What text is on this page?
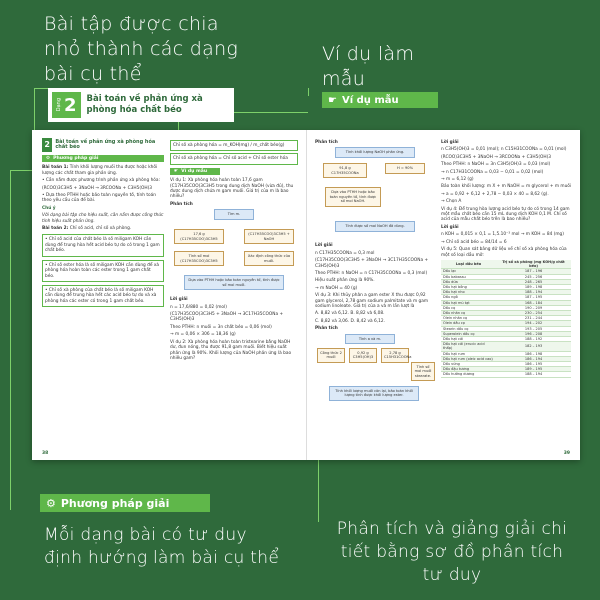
Bài tập được chia nhỏ thành các dạng bài cụ thể
Ví dụ làm mẫu
Mỗi dạng bài có tư duy định hướng làm bài cụ thể
Phân tích và giảng giải chi tiết bằng sơ đồ phân tích tư duy
2	Bài toán về phản ứng xà phòng hóa chất béo
⚙ Phương pháp giải
Bài toán 1: Tính khối lượng muối thu được hoặc khối lượng các chất tham gia phản ứng.
• Cần nắm được phương trình phản ứng xà phòng hóa:
(RCOO)3C3H5 + 3NaOH → 3RCOONa + C3H5(OH)3
• Dựa theo PTHH hoặc bảo toàn nguyên tố, tính toán theo yêu cầu của đề bài.
Chú ý
Với dạng bài tập cho hiệu suất, cần nắm được công thức tính hiệu suất phản ứng.
Bài toán 2: Chỉ số acid, chỉ số xà phòng.
• Chỉ số acid của chất béo là số miligam KOH cần dùng để trung hòa hết acid béo tự do có trong 1 gam chất béo.
• Chỉ số ester hóa là số miligam KOH cần dùng để xà phòng hóa hoàn toàn các ester trong 1 gam chất béo.
• Chỉ số xà phòng của chất béo là số miligam KOH cần dùng để trung hòa hết các acid béo tự do và xà phòng hóa các ester có trong 1 gam chất béo.
Chỉ số xà phòng hóa = m_KOH(mg) / m_chất béo(g)
Chỉ số xà phòng hóa = Chỉ số acid + Chỉ số ester hóa
☛ Ví dụ mẫu
Ví dụ 1: Xà phòng hóa hoàn toàn 17,6 gam (C17H35COO)3C3H5 trong dung dịch NaOH (vừa đủ), thu được dung dịch chứa m gam muối. Giá trị của m là bao nhiêu?
Phân tích
Tìm m.
17,6 g (C17H35COO)3C3H5
(C17H35COO)3C3H5 + NaOH
Tính số mol (C17H35COO)3C3H5
Xác định công thức của muối.
Dựa vào PTHH hoặc bảo toàn nguyên tố, tính được số mol muối.
Lời giải
n = 17,6/880 = 0,02 (mol)
(C17H35COO)3C3H5 + 3NaOH → 3C17H35COONa + C3H5(OH)3
Theo PTHH: n muối = 3n chất béo = 0,06 (mol)
→ m = 0,06 × 306 = 18,36 (g)
Ví dụ 2: Xà phòng hóa hoàn toàn tristearine bằng NaOH dư, đun nóng, thu được 91,8 gam muối. Biết hiệu suất phản ứng là 90%. Khối lượng của NaOH phản ứng là bao nhiêu gam?
38
Phân tích
Tính khối lượng NaOH phản ứng.
91,8 g C17H35COONa
H = 90%
Dựa vào PTHH hoặc bảo toàn nguyên tố, tính được số mol NaOH.
Tính được số mol NaOH đã dùng.
Lời giải
n C17H35COONa = 0,3 mol
(C17H35COO)3C3H5 + 3NaOH → 3C17H35COONa + C3H5(OH)3
Theo PTHH: n NaOH = n C17H35COONa = 0,3 (mol)
Hiệu suất phản ứng là 90%.
→ m NaOH = 40 (g)
Ví dụ 3: Khi thủy phân a gam ester X thu được 0,92 gam glycerol, 2,78 gam sodium palmitate và m gam sodium linoleate. Giá trị của a và m lần lượt là
A. 8,82 và 6,12. B. 8,82 và 6,08.
C. 8,82 và 3,06. D. 8,42 và 6,12.
Phân tích
Tính a và m.
Công thức 2 muối
0,92 g C3H5(OH)3
2,78 g C15H31COONa
Tính số mol muối stearate.
Tính khối lượng muối còn lại, bảo toàn khối lượng tính được khối lượng ester.
Lời giải
n C3H5(OH)3 = 0,01 (mol); n C15H31COONa = 0,01 (mol)
(RCOO)3C3H5 + 3NaOH → 3RCOONa + C3H5(OH)3
Theo PTHH: n NaOH = 3n C3H5(OH)3 = 0,03 (mol)
→ n C17H31COONa = 0,03 − 0,01 = 0,02 (mol)
→ m = 6,12 (g)
Bảo toàn khối lượng: m X + m NaOH = m glycerol + m muối
→ a = 0,92 + 6,12 + 2,78 − 0,03 × 40 = 8,62 (g).
→ Chọn A
Ví dụ 4: Để trung hòa lượng acid béo tự do có trong 14 gam một mẫu chất béo cần 15 mL dung dịch KOH 0,1 M. Chỉ số acid của mẫu chất béo trên là bao nhiêu?
Lời giải
n KOH = 0,015 × 0,1 = 1,5.10⁻³ mol → m KOH = 84 (mg)
→ Chỉ số acid béo = 84/14 = 6
Ví dụ 5: Quan sát bảng dữ liệu về chỉ số xà phòng hóa của một số loại dầu mỡ:
Loại dầu béo	Trị số xà phòng (mg KOH/g chất béo)
Dầu lạc	187 – 196
Dầu babassu	245 – 256
Dầu dừa	248 – 265
Dầu hạt bông	189 – 198
Dầu hạt nho	188 – 194
Dầu ngô	187 – 195
Dầu hạt mù tạt	168 – 184
Dầu cọ	190 – 209
Dầu nhân cọ	230 – 254
Olein nhân cọ	231 – 244
Olein dầu cọ	194 – 202
Stearin dầu cọ	193 – 205
Superolein dầu cọ	196 – 208
Dầu hạt cải	188 – 192
Dầu hạt cải (erucic acid thấp)	182 – 193
Dầu hạt rum	186 – 198
Dầu hạt rum (oleic acid cao)	186 – 194
Dầu vừng	186 – 195
Dầu đậu tương	189 – 195
Dầu hướng dương	188 – 194
39
Dạng 2 Bài toán về phản ứng xà phòng hóa chất béo
☛ Ví dụ mẫu
⚙ Phương pháp giải
